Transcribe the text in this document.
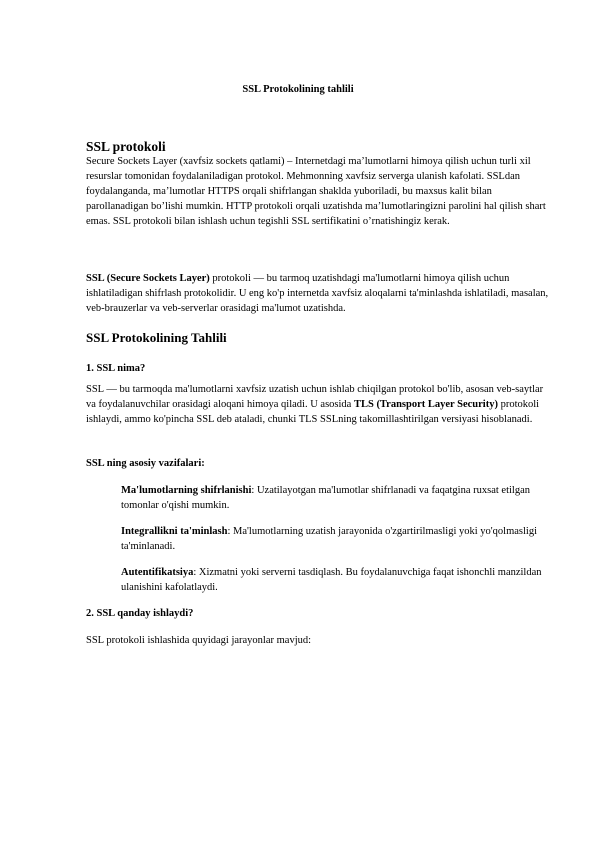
SSL Protokolining tahlili
SSL protokoli

Secure Sockets Layer (xavfsiz sockets qatlami) – Internetdagi ma’lumotlarni himoya qilish uchun turli xil resurslar tomonidan foydalaniladigan protokol. Mehmonning xavfsiz serverga ulanish kafolati. SSLdan foydalanganda, ma’lumotlar HTTPS orqali shifrlangan shaklda yuboriladi, bu maxsus kalit bilan parollanadigan bo’lishi mumkin. HTTP protokoli orqali uzatishda ma’lumotlaringizni parolini hal qilish shart emas. SSL protokoli bilan ishlash uchun tegishli SSL sertifikatini o’rnatishingiz kerak.

SSL (Secure Sockets Layer) protokoli — bu tarmoq uzatishdagi ma'lumotlarni himoya qilish uchun ishlatiladigan shifrlash protokolidir. U eng ko'p internetda xavfsiz aloqalarni ta'minlashda ishlatiladi, masalan, veb-brauzerlar va veb-serverlar orasidagi ma'lumot uzatishda.

SSL Protokolining Tahlili
1. SSL nima?

SSL — bu tarmoqda ma'lumotlarni xavfsiz uzatish uchun ishlab chiqilgan protokol bo'lib, asosan veb-saytlar va foydalanuvchilar orasidagi aloqani himoya qiladi. U asosida TLS (Transport Layer Security) protokoli ishlaydi, ammo ko'pincha SSL deb ataladi, chunki TLS SSLning takomillashtirilgan versiyasi hisoblanadi.

SSL ning asosiy vazifalari:

Ma'lumotlarning shifrlanishi: Uzatilayotgan ma'lumotlar shifrlanadi va faqatgina ruxsat etilgan tomonlar o'qishi mumkin.

Integrallikni ta'minlash: Ma'lumotlarning uzatish jarayonida o'zgartirilmasligi yoki yo'qolmasligi ta'minlanadi.

Autentifikatsiya: Xizmatni yoki serverni tasdiqlash. Bu foydalanuvchiga faqat ishonchli manzildan ulanishini kafolatlaydi.

2. SSL qanday ishlaydi?

SSL protokoli ishlashida quyidagi jarayonlar mavjud:
